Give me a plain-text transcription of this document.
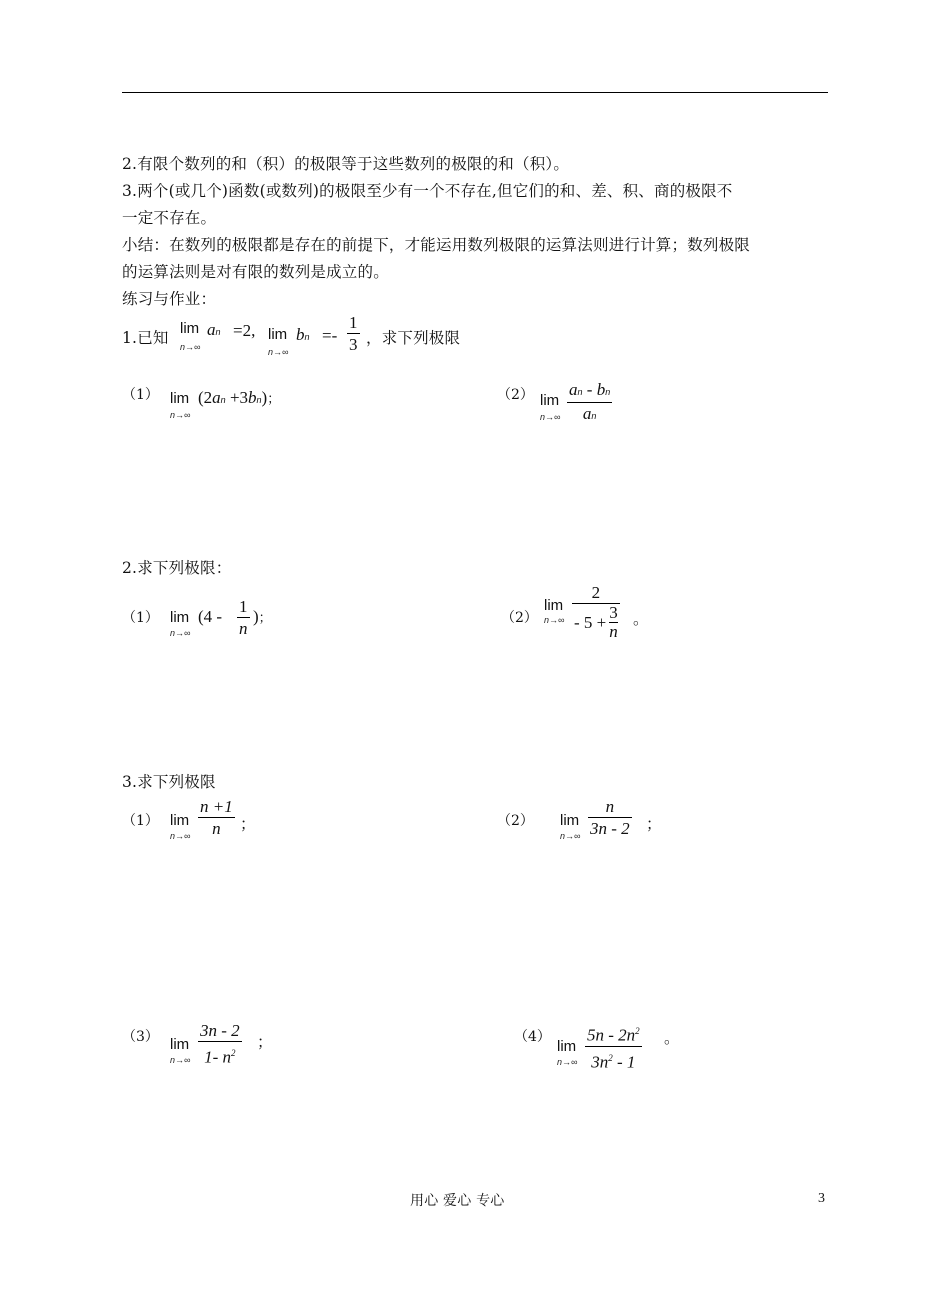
2.有限个数列的和（积）的极限等于这些数列的极限的和（积）。
3.两个(或几个)函数(或数列)的极限至少有一个不存在,但它们的和、差、积、商的极限不
一定不存在。
小结：在数列的极限都是存在的前提下，才能运用数列极限的运算法则进行计算；数列极限
的运算法则是对有限的数列是成立的。
练习与作业：
1.已知
lim
n→∞
an =2, lim
n→∞
bn =-
1
3 ，求下列极限
（1） lim
n→∞
(2an +3bn)；	（2） lim
n→∞
an - bn
an
2.求下列极限：
（1） lim
n→∞
(4 -
1
n
)；	（2）
lim
n→∞
2
- 5 + 3
n
。
3.求下列极限
（1） lim
n→∞
n +1
n ；	（2） lim
n→∞
n
3n - 2 ；
（3） lim
n→∞
3n - 2
1- $n^2$
；	（4）
lim
n→∞
$5n - 2n^2$
$3n^2 - 1$
。
用心 爱心 专心	3
